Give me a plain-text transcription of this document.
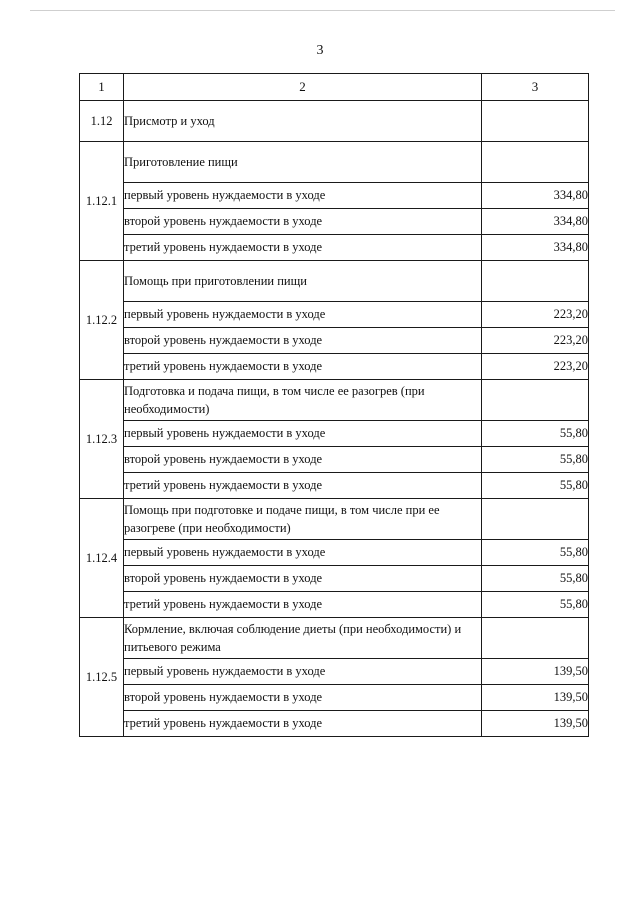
3
1	2	3
1.12	Присмотр и уход	
1.12.1	Приготовление пищи	
	первый уровень нуждаемости в уходе	334,80
	второй уровень нуждаемости в уходе	334,80
	третий уровень нуждаемости в уходе	334,80
1.12.2	Помощь при приготовлении пищи	
	первый уровень нуждаемости в уходе	223,20
	второй уровень нуждаемости в уходе	223,20
	третий уровень нуждаемости в уходе	223,20
1.12.3	Подготовка и подача пищи, в том числе ее разогрев (при необходимости)	
	первый уровень нуждаемости в уходе	55,80
	второй уровень нуждаемости в уходе	55,80
	третий уровень нуждаемости в уходе	55,80
1.12.4	Помощь при подготовке и подаче пищи, в том числе при ее разогреве (при необходимости)	
	первый уровень нуждаемости в уходе	55,80
	второй уровень нуждаемости в уходе	55,80
	третий уровень нуждаемости в уходе	55,80
1.12.5	Кормление, включая соблюдение диеты (при необходимости) и питьевого режима	
	первый уровень нуждаемости в уходе	139,50
	второй уровень нуждаемости в уходе	139,50
	третий уровень нуждаемости в уходе	139,50
